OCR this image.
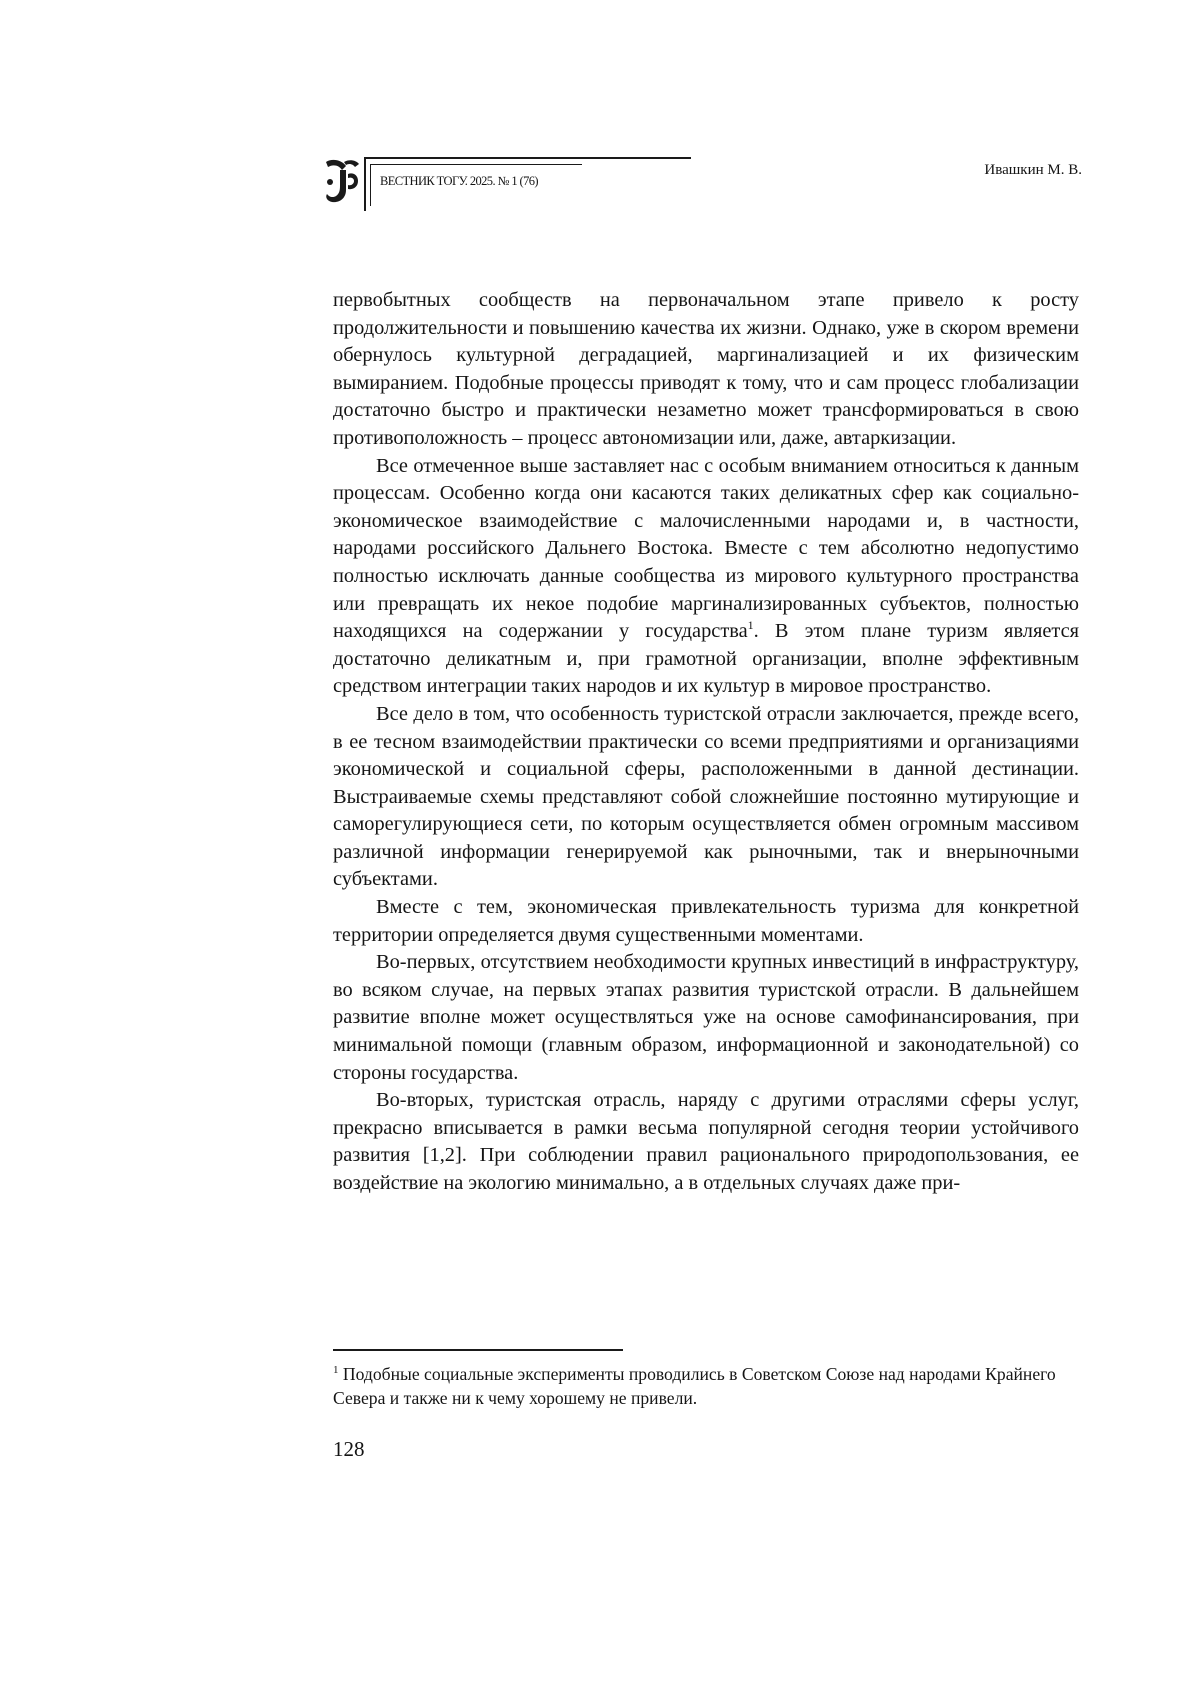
ВЕСТНИК ТОГУ. 2025. № 1 (76)
Ивашкин М. В.

первобытных сообществ на первоначальном этапе привело к росту продолжительности и повышению качества их жизни. Однако, уже в скором времени обернулось культурной деградацией, маргинализацией и их физическим вымиранием. Подобные процессы приводят к тому, что и сам процесс глобализации достаточно быстро и практически незаметно может трансформироваться в свою противоположность – процесс автономизации или, даже, автаркизации.

Все отмеченное выше заставляет нас с особым вниманием относиться к данным процессам. Особенно когда они касаются таких деликатных сфер как социально-экономическое взаимодействие с малочисленными народами и, в частности, народами российского Дальнего Востока. Вместе с тем абсолютно недопустимо полностью исключать данные сообщества из мирового культурного пространства или превращать их некое подобие маргинализированных субъектов, полностью находящихся на содержании у государства$^1$. В этом плане туризм является достаточно деликатным и, при грамотной организации, вполне эффективным средством интеграции таких народов и их культур в мировое пространство.

Все дело в том, что особенность туристской отрасли заключается, прежде всего, в ее тесном взаимодействии практически со всеми предприятиями и организациями экономической и социальной сферы, расположенными в данной дестинации. Выстраиваемые схемы представляют собой сложнейшие постоянно мутирующие и саморегулирующиеся сети, по которым осуществляется обмен огромным массивом различной информации генерируемой как рыночными, так и внерыночными субъектами.

Вместе с тем, экономическая привлекательность туризма для конкретной территории определяется двумя существенными моментами.

Во-первых, отсутствием необходимости крупных инвестиций в инфраструктуру, во всяком случае, на первых этапах развития туристской отрасли. В дальнейшем развитие вполне может осуществляться уже на основе самофинансирования, при минимальной помощи (главным образом, информационной и законодательной) со стороны государства.

Во-вторых, туристская отрасль, наряду с другими отраслями сферы услуг, прекрасно вписывается в рамки весьма популярной сегодня теории устойчивого развития [1,2]. При соблюдении правил рационального природопользования, ее воздействие на экологию минимально, а в отдельных случаях даже при-

$^1$ Подобные социальные эксперименты проводились в Советском Союзе над народами Крайнего Севера и также ни к чему хорошему не привели.
128
